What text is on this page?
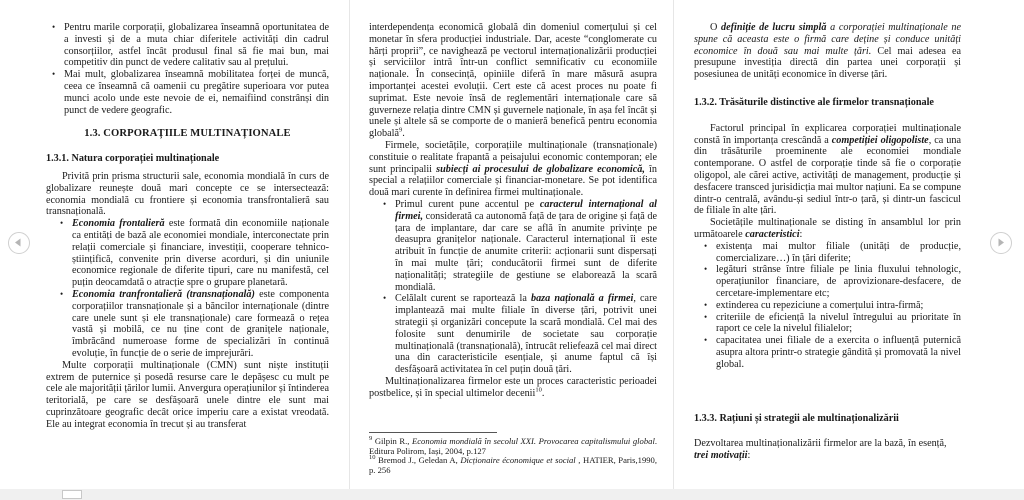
• Pentru marile corporații, globalizarea înseamnă oportunitatea de a investi și de a muta chiar diferitele activități din cadrul consorțiilor, astfel încât produsul final să fie mai bun, mai competitiv din punct de vedere calitativ sau al prețului.
• Mai mult, globalizarea înseamnă mobilitatea forței de muncă, ceea ce înseamnă că oamenii cu pregătire superioara vor putea munci acolo unde este nevoie de ei, nemaifiind constrânși din punct de vedere geografic.
1.3. CORPORAȚIILE MULTINAȚIONALE
1.3.1. Natura corporației multinaționale

Privită prin prisma structurii sale, economia mondială în curs de globalizare reunește două mari concepte ce se intersectează: economia mondială cu frontiere și economia transfrontalieră sau transnațională.

• Economia frontalieră este formată din economiile naționale ca entități de bază ale economiei mondiale, interconectate prin relații comerciale și financiare, investiții, cooperare tehnico-științifică, convenite prin diverse acorduri, și din uniunile economice regionale de diferite tipuri, care nu manifestă, cel puțin deocamdată o atracție spre o grupare planetară.
• Economia tranfrontalieră (transnațională) este componenta corporațiilor transnaționale și a băncilor internaționale (dintre care unele sunt și ele transnaționale) care formează o rețea vastă și mobilă, ce nu ține cont de granițele naționale, îmbrăcând numeroase forme de specializări în continuă evoluție, în funcție de o serie de imprejurări.

Multe corporații multinaționale (CMN) sunt niște instituții extrem de puternice și posedă resurse care le depășesc cu mult pe cele ale majorității țărilor lumii. Anvergura operațiunilor și întinderea teritorială, pe care se desfășoară unele dintre ele sunt mai cuprinzătoare geografic decât orice imperiu care a existat vreodată. Ele au integrat economia în trecut și au transferat

interdependența economică globală din domeniul comerțului și cel monetar în sfera producției industriale. Dar, aceste “conglomerate cu hărți proprii”, ce navighează pe vectorul internaționalizării producției și serviciilor intră într-un conflict semnificativ cu economiile naționale. În consecință, opiniile diferă în mare măsură asupra importanței acestei evoluții. Cert este că acest proces nu poate fi suprimat. Este nevoie însă de reglementări internaționale care să guverneze relația dintre CMN și guvernele naționale, în așa fel încât și unele și altele să se comporte de o manieră benefică pentru economia globală$^9$.

Firmele, societățile, corporațiile multinaționale (transnaționale) constituie o realitate frapantă a peisajului economic contemporan; ele sunt principalii subiecți ai procesului de globalizare economică, în special a relațiilor comerciale și financiar-monetare. Se pot identifica două mari curente în definirea firmei multinaționale.

• Primul curent pune accentul pe caracterul internațional al firmei, considerată ca autonomă față de țara de origine și față de țara de implantare, dar care se află în anumite privințe pe deasupra granițelor naționale. Caracterul internațional îi este atribuit în funcție de anumite criterii: acționarii sunt dispersați în mai multe țări; conducătorii firmei sunt de diferite naționalități; strategiile de gestiune se elaborează la scară mondială.
• Celălalt curent se raportează la baza națională a firmei, care implantează mai multe filiale în diverse țări, potrivit unei strategii și organizări concepute la scară mondială. Cel mai des folosite sunt denumirile de societate sau corporație multinațională (transnațională), întrucât reliefează cel mai direct una din caracteristicile esențiale, și anume faptul că își desfășoară activitatea în cel puțin două țări.

Multinaționalizarea firmelor este un proces caracteristic perioadei postbelice, și în special ultimelor decenii$^{10}$.

$^9$ Gilpin R., Economia mondială în secolul XXI. Provocarea capitalismului global. Editura Polirom, Iași, 2004, p.127

$^{10}$ Bremod J., Geledan A, Dicționaire économique et social , HATIER, Paris,1990, p. 256

O definiție de lucru simplă a corporației multinaționale ne spune că aceasta este o firmă care deține și conduce unități economice în două sau mai multe țări. Cel mai adesea ea presupune investiția directă din partea unei corporații și posesiunea de unități economice în diverse țări.

1.3.2. Trăsăturile distinctive ale firmelor transnaționale

Factorul principal în explicarea corporației multinaționale constă în importanța crescândă a competiției oligopoliste, ca una din trăsăturile proeminente ale economiei mondiale contemporane. O astfel de corporație tinde să fie o corporație oligopol, ale cărei active, activități de management, producție și desfacere transced jurisidicția mai multor națiuni. Ea se compune dintr-o centrală, avându-și sediul într-o țară, și dintr-un fascicul de filiale în alte țări.

Societățile multinaționale se disting în ansamblul lor prin următoarele caracteristici:

• existența mai multor filiale (unități de producție, comercializare…) în țări diferite;
• legături strânse între filiale pe linia fluxului tehnologic, operațiunilor financiare, de aprovizionare-desfacere, de cercetare-implementare etc;
• extinderea cu repeziciune a comerțului intra-firmă;
• criteriile de eficiență la nivelul întregului au prioritate în raport ce cele la nivelul filialelor;
• capacitatea unei filiale de a exercita o influență puternică asupra altora printr-o strategie gândită și promovată la nivel global.
1.3.3. Rațiuni și strategii ale multinaționalizării

Dezvoltarea multinaționalizării firmelor are la bază, în esență,
trei motivații:
